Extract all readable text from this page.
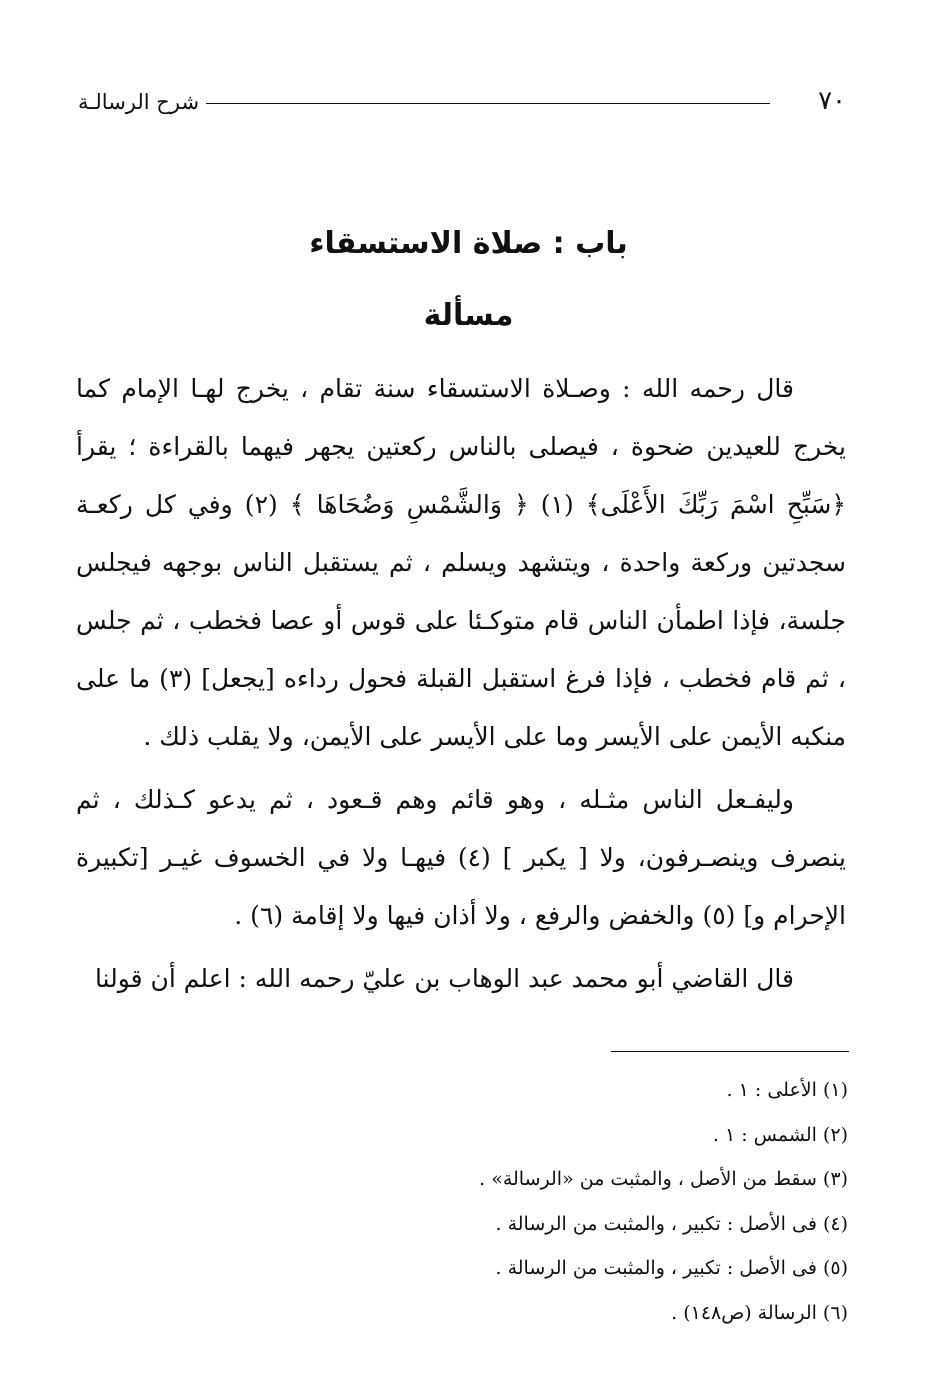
٧٠
شرح الرسالـة
باب : صلاة الاستسقاء
مسألة

قال رحمه الله : وصـلاة الاستسقاء سنة تقام ، يخرج لهـا الإمام كما يخرج للعيدين ضحوة ، فيصلى بالناس ركعتين يجهر فيهما بالقراءة ؛ يقرأ ﴿سَبِّحِ اسْمَ رَبِّكَ الأَعْلَى﴾ (١) ﴿ وَالشَّمْسِ وَضُحَاهَا ﴾ (٢) وفي كل ركعـة سجدتين وركعة واحدة ، ويتشهد ويسلم ، ثم يستقبل الناس بوجهه فيجلس جلسة، فإذا اطمأن الناس قام متوكـئا على قوس أو عصا فخطب ، ثم جلس ، ثم قام فخطب ، فإذا فرغ استقبل القبلة فحول رداءه [يجعل] (٣) ما على منكبه الأيمن على الأيسر وما على الأيسر على الأيمن، ولا يقلب ذلك .

وليفـعل الناس مثـله ، وهو قائم وهم قـعود ، ثم يدعو كـذلك ، ثم ينصرف وينصـرفون، ولا [ يكبر ] (٤) فيهـا ولا في الخسوف غيـر [تكبيرة الإحرام و] (٥) والخفض والرفع ، ولا أذان فيها ولا إقامة (٦) .

قال القاضي أبو محمد عبد الوهاب بن عليّ رحمه الله : اعلم أن قولنا

(١) الأعلى : ١ .
(٢) الشمس : ١ .
(٣) سقط من الأصل ، والمثبت من «الرسالة» .
(٤) فى الأصل : تكبير ، والمثبت من الرسالة .
(٥) فى الأصل : تكبير ، والمثبت من الرسالة .
(٦) الرسالة (ص١٤٨) .
